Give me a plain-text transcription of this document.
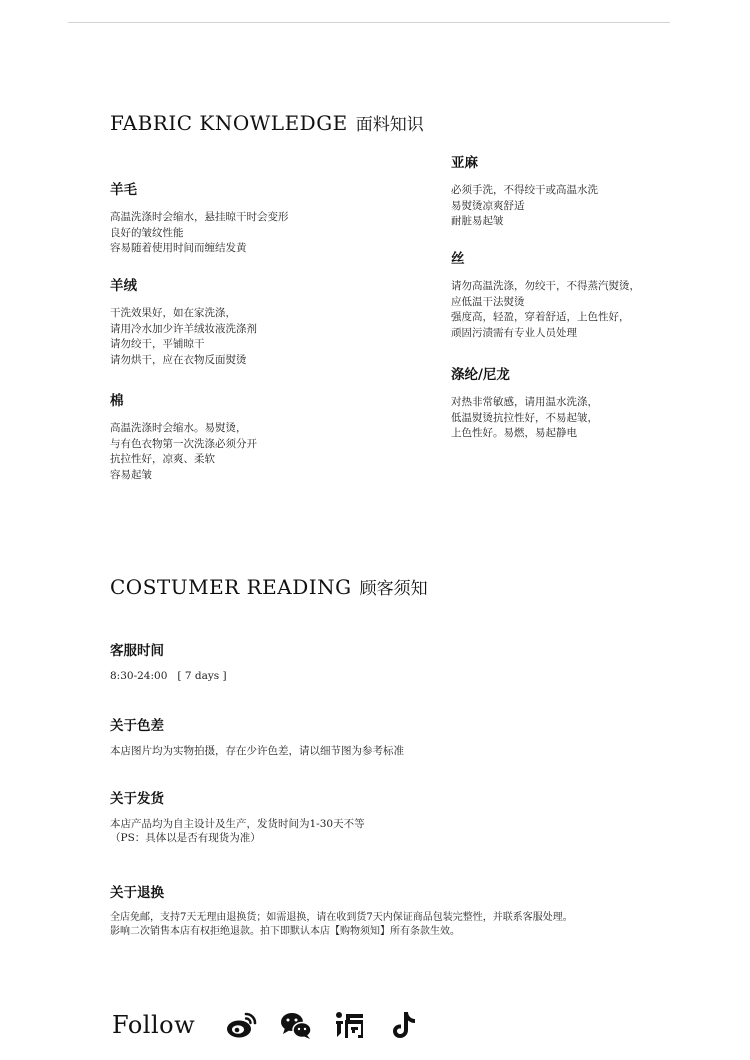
FABRIC KNOWLEDGE 面料知识
羊毛
高温洗涤时会缩水，悬挂晾干时会变形
良好的皱纹性能
容易随着使用时间而缠结发黄
羊绒
干洗效果好，如在家洗涤，
请用冷水加少许羊绒妆液洗涤剂
请勿绞干，平铺晾干
请勿烘干，应在衣物反面熨烫
棉
高温洗涤时会缩水。易熨烫，
与有色衣物第一次洗涤必须分开
抗拉性好，凉爽、柔软
容易起皱
亚麻
必须手洗，不得绞干或高温水洗
易熨烫凉爽舒适
耐脏易起皱
丝
请勿高温洗涤，勿绞干，不得蒸汽熨烫，
应低温干法熨烫
强度高，轻盈，穿着舒适，上色性好，
顽固污渍需有专业人员处理
涤纶/尼龙
对热非常敏感，请用温水洗涤，
低温熨烫抗拉性好，不易起皱，
上色性好。易燃，易起静电
COSTUMER READING 顾客须知
客服时间
8:30-24:00   [ 7 days ]
关于色差
本店图片均为实物拍摄，存在少许色差，请以细节图为参考标准
关于发货
本店产品均为自主设计及生产，发货时间为1-30天不等
（PS：具体以是否有现货为准）
关于退换
全店免邮，支持7天无理由退换货；如需退换，请在收到货7天内保证商品包装完整性，并联系客服处理。
影响二次销售本店有权拒绝退款。拍下即默认本店【购物须知】所有条款生效。
Follow
